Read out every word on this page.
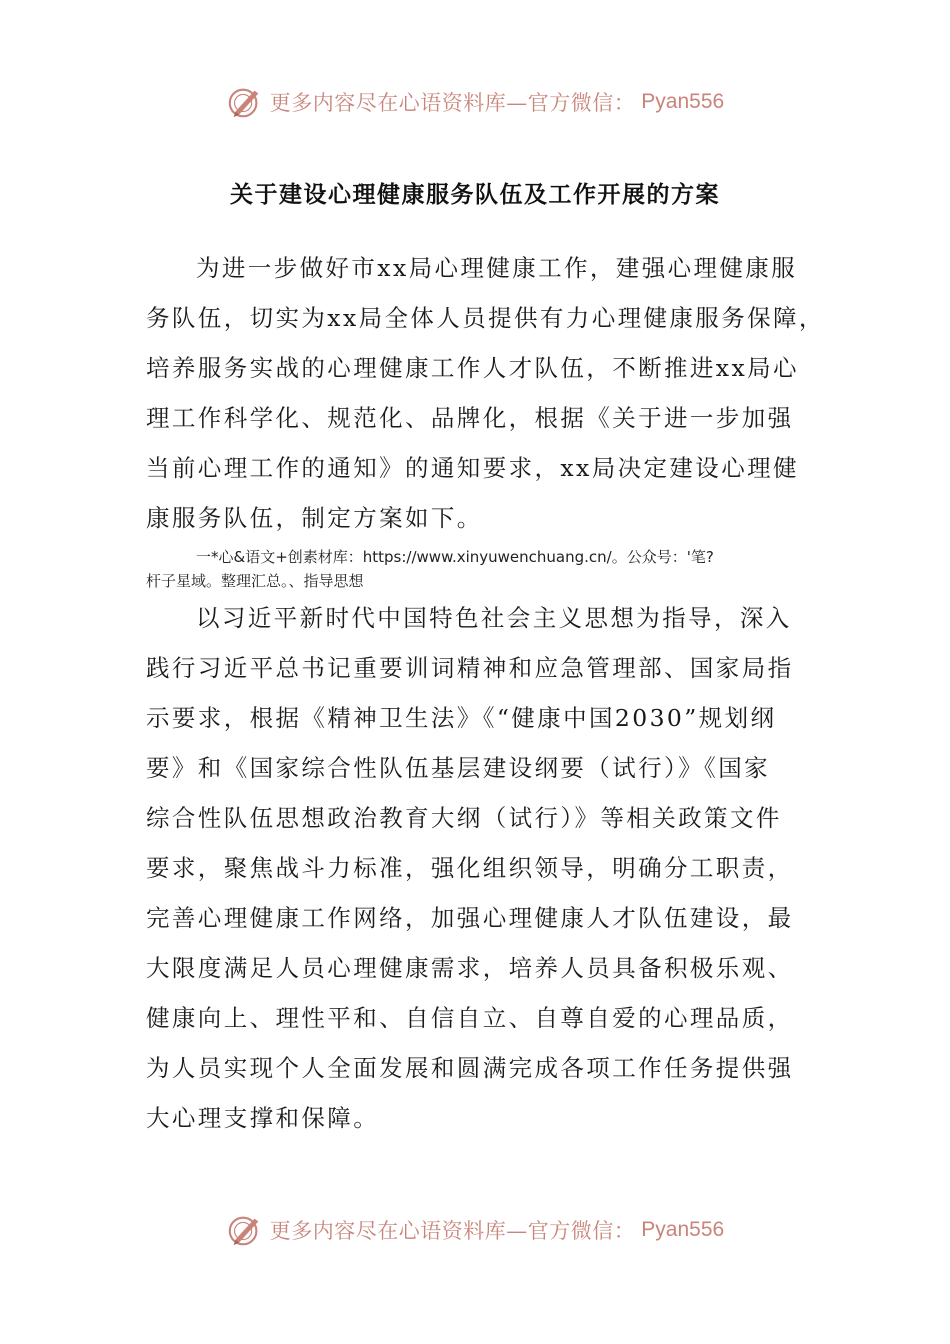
更多内容尽在心语资料库—官方微信： Pyan556
关于建设心理健康服务队伍及工作开展的方案
为进一步做好市xx局心理健康工作，建强心理健康服
务队伍，切实为xx局全体人员提供有力心理健康服务保障，
培养服务实战的心理健康工作人才队伍，不断推进xx局心
理工作科学化、规范化、品牌化，根据《关于进一步加强
当前心理工作的通知》的通知要求，xx局决定建设心理健
康服务队伍，制定方案如下。
一*心&语文+创素材库：https://www.xinyuwenchuang.cn/。公众号：'笔?
杆子星域。整理汇总。、指导思想
以习近平新时代中国特色社会主义思想为指导，深入
践行习近平总书记重要训词精神和应急管理部、国家局指
示要求，根据《精神卫生法》《“健康中国2030”规划纲
要》和《国家综合性队伍基层建设纲要（试行）》《国家
综合性队伍思想政治教育大纲（试行）》等相关政策文件
要求，聚焦战斗力标准，强化组织领导，明确分工职责，
完善心理健康工作网络，加强心理健康人才队伍建设，最
大限度满足人员心理健康需求，培养人员具备积极乐观、
健康向上、理性平和、自信自立、自尊自爱的心理品质，
为人员实现个人全面发展和圆满完成各项工作任务提供强
大心理支撑和保障。
更多内容尽在心语资料库—官方微信： Pyan556
